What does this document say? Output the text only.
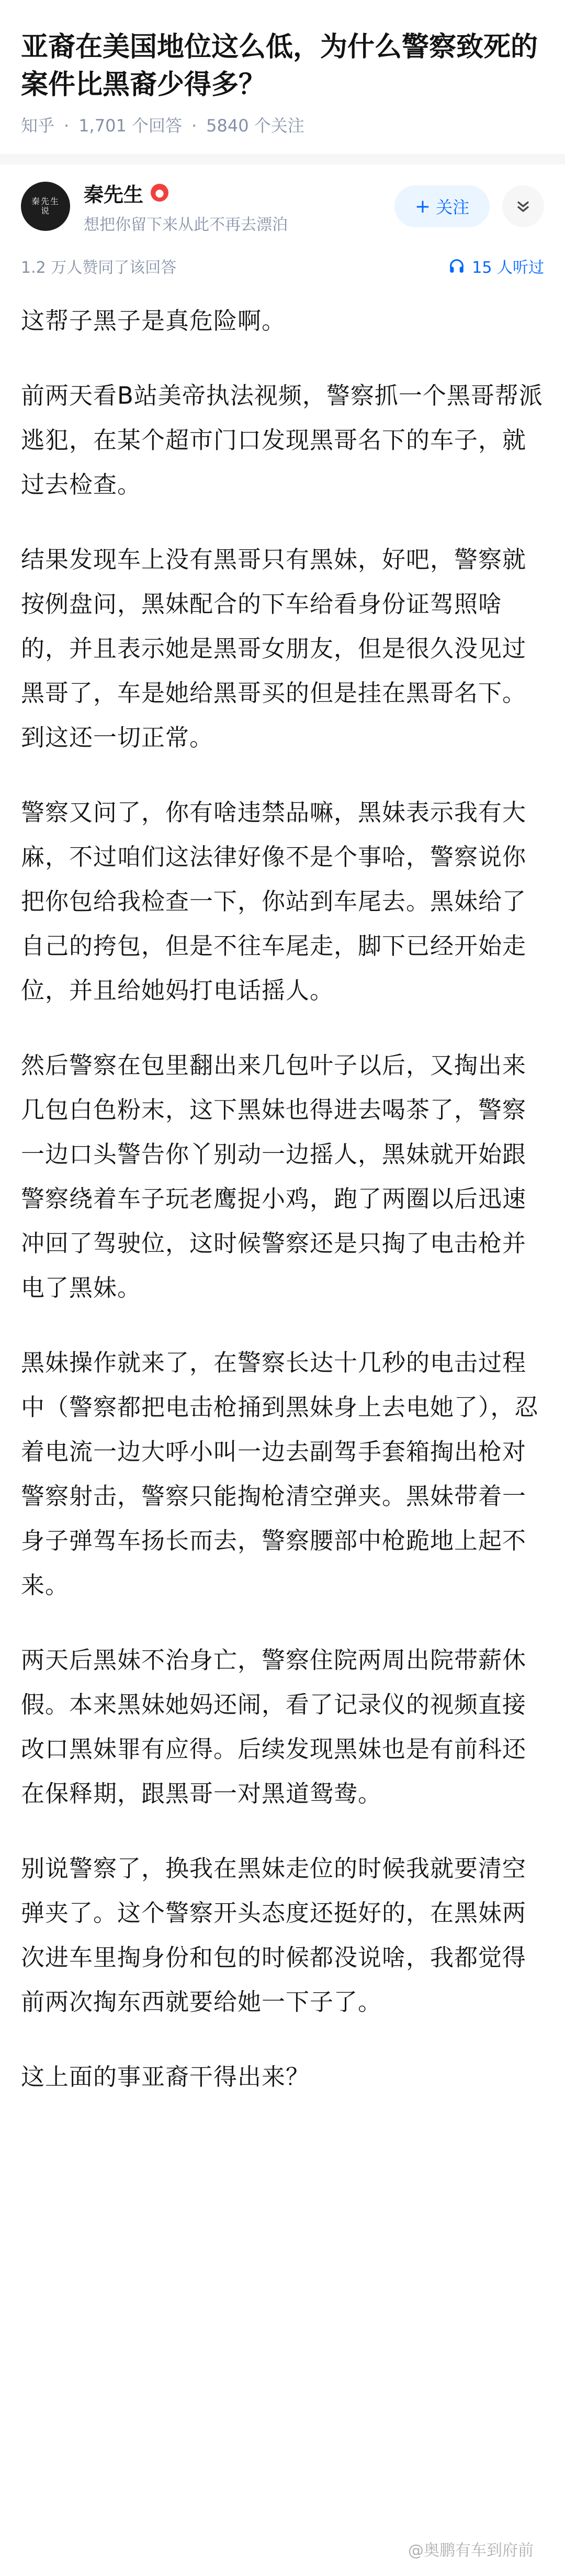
亚裔在美国地位这么低，为什么警察致死的案件比黑裔少得多？
知乎 · 1,701 个回答 · 5840 个关注
秦先生说
秦先生	●
想把你留下来从此不再去漂泊
+ 关注
1.2 万人赞同了该回答	15 人听过

这帮子黑子是真危险啊。

前两天看B站美帝执法视频，警察抓一个黑哥帮派逃犯，在某个超市门口发现黑哥名下的车子，就过去检查。

结果发现车上没有黑哥只有黑妹，好吧，警察就按例盘问，黑妹配合的下车给看身份证驾照啥的，并且表示她是黑哥女朋友，但是很久没见过黑哥了，车是她给黑哥买的但是挂在黑哥名下。到这还一切正常。

警察又问了，你有啥违禁品嘛，黑妹表示我有大麻，不过咱们这法律好像不是个事哈，警察说你把你包给我检查一下，你站到车尾去。黑妹给了自己的挎包，但是不往车尾走，脚下已经开始走位，并且给她妈打电话摇人。

然后警察在包里翻出来几包叶子以后，又掏出来几包白色粉末，这下黑妹也得进去喝茶了，警察一边口头警告你丫别动一边摇人，黑妹就开始跟警察绕着车子玩老鹰捉小鸡，跑了两圈以后迅速冲回了驾驶位，这时候警察还是只掏了电击枪并电了黑妹。

黑妹操作就来了，在警察长达十几秒的电击过程中（警察都把电击枪捅到黑妹身上去电她了），忍着电流一边大呼小叫一边去副驾手套箱掏出枪对警察射击，警察只能掏枪清空弹夹。黑妹带着一身子弹驾车扬长而去，警察腰部中枪跪地上起不来。

两天后黑妹不治身亡，警察住院两周出院带薪休假。本来黑妹她妈还闹，看了记录仪的视频直接改口黑妹罪有应得。后续发现黑妹也是有前科还在保释期，跟黑哥一对黑道鸳鸯。

别说警察了，换我在黑妹走位的时候我就要清空弹夹了。这个警察开头态度还挺好的，在黑妹两次进车里掏身份和包的时候都没说啥，我都觉得前两次掏东西就要给她一下子了。

这上面的事亚裔干得出来？

@奥鹏有车到府前
